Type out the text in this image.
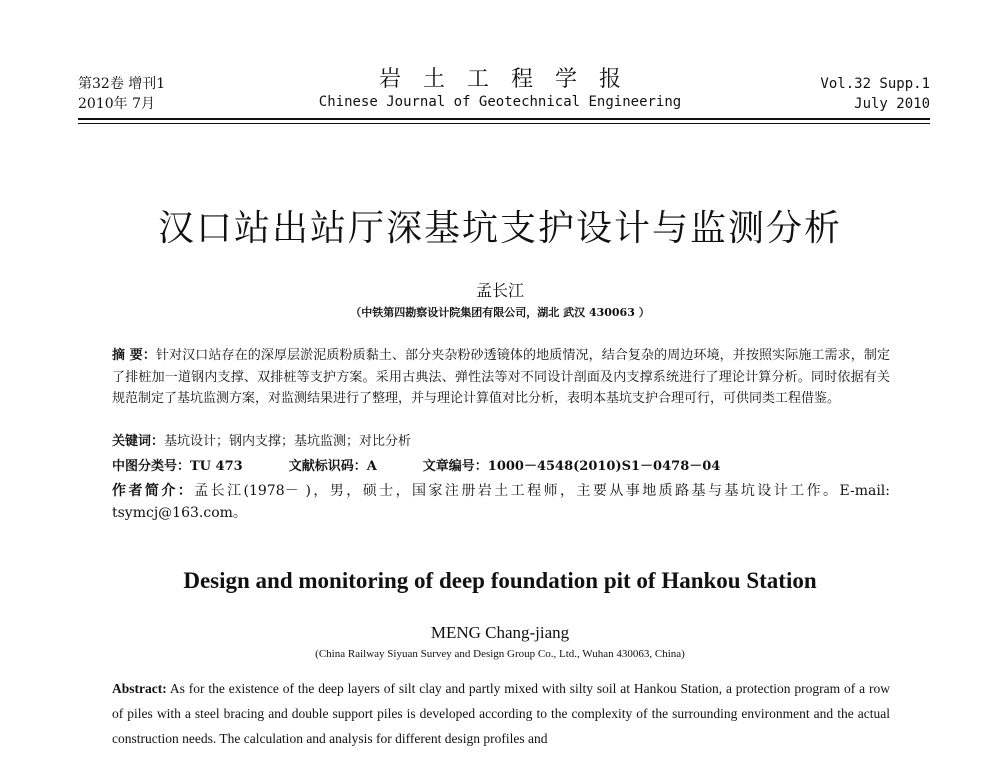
第32卷 增刊1
2010年 7月
岩土工程学报
Chinese Journal of Geotechnical Engineering
Vol.32 Supp.1
July 2010
汉口站出站厅深基坑支护设计与监测分析
孟长江
（中铁第四勘察设计院集团有限公司，湖北 武汉 430063 ）
摘 要：针对汉口站存在的深厚层淤泥质粉质黏土、部分夹杂粉砂透镜体的地质情况，结合复杂的周边环境，并按照实际施工需求，制定了排桩加一道钢内支撑、双排桩等支护方案。采用古典法、弹性法等对不同设计剖面及内支撑系统进行了理论计算分析。同时依据有关规范制定了基坑监测方案，对监测结果进行了整理，并与理论计算值对比分析，表明本基坑支护合理可行，可供同类工程借鉴。
关键词：基坑设计；钢内支撑；基坑监测；对比分析
中图分类号：TU 473	文献标识码：A	文章编号：1000－4548(2010)S1－0478－04
作者简介：孟长江(1978－ )，男，硕士，国家注册岩土工程师，主要从事地质路基与基坑设计工作。E-mail: tsymcj@163.com。
Design and monitoring of deep foundation pit of Hankou Station
MENG Chang-jiang
(China Railway Siyuan Survey and Design Group Co., Ltd., Wuhan 430063, China)
Abstract: As for the existence of the deep layers of silt clay and partly mixed with silty soil at Hankou Station, a protection program of a row of piles with a steel bracing and double support piles is developed according to the complexity of the surrounding environment and the actual construction needs. The calculation and analysis for different design profiles and
